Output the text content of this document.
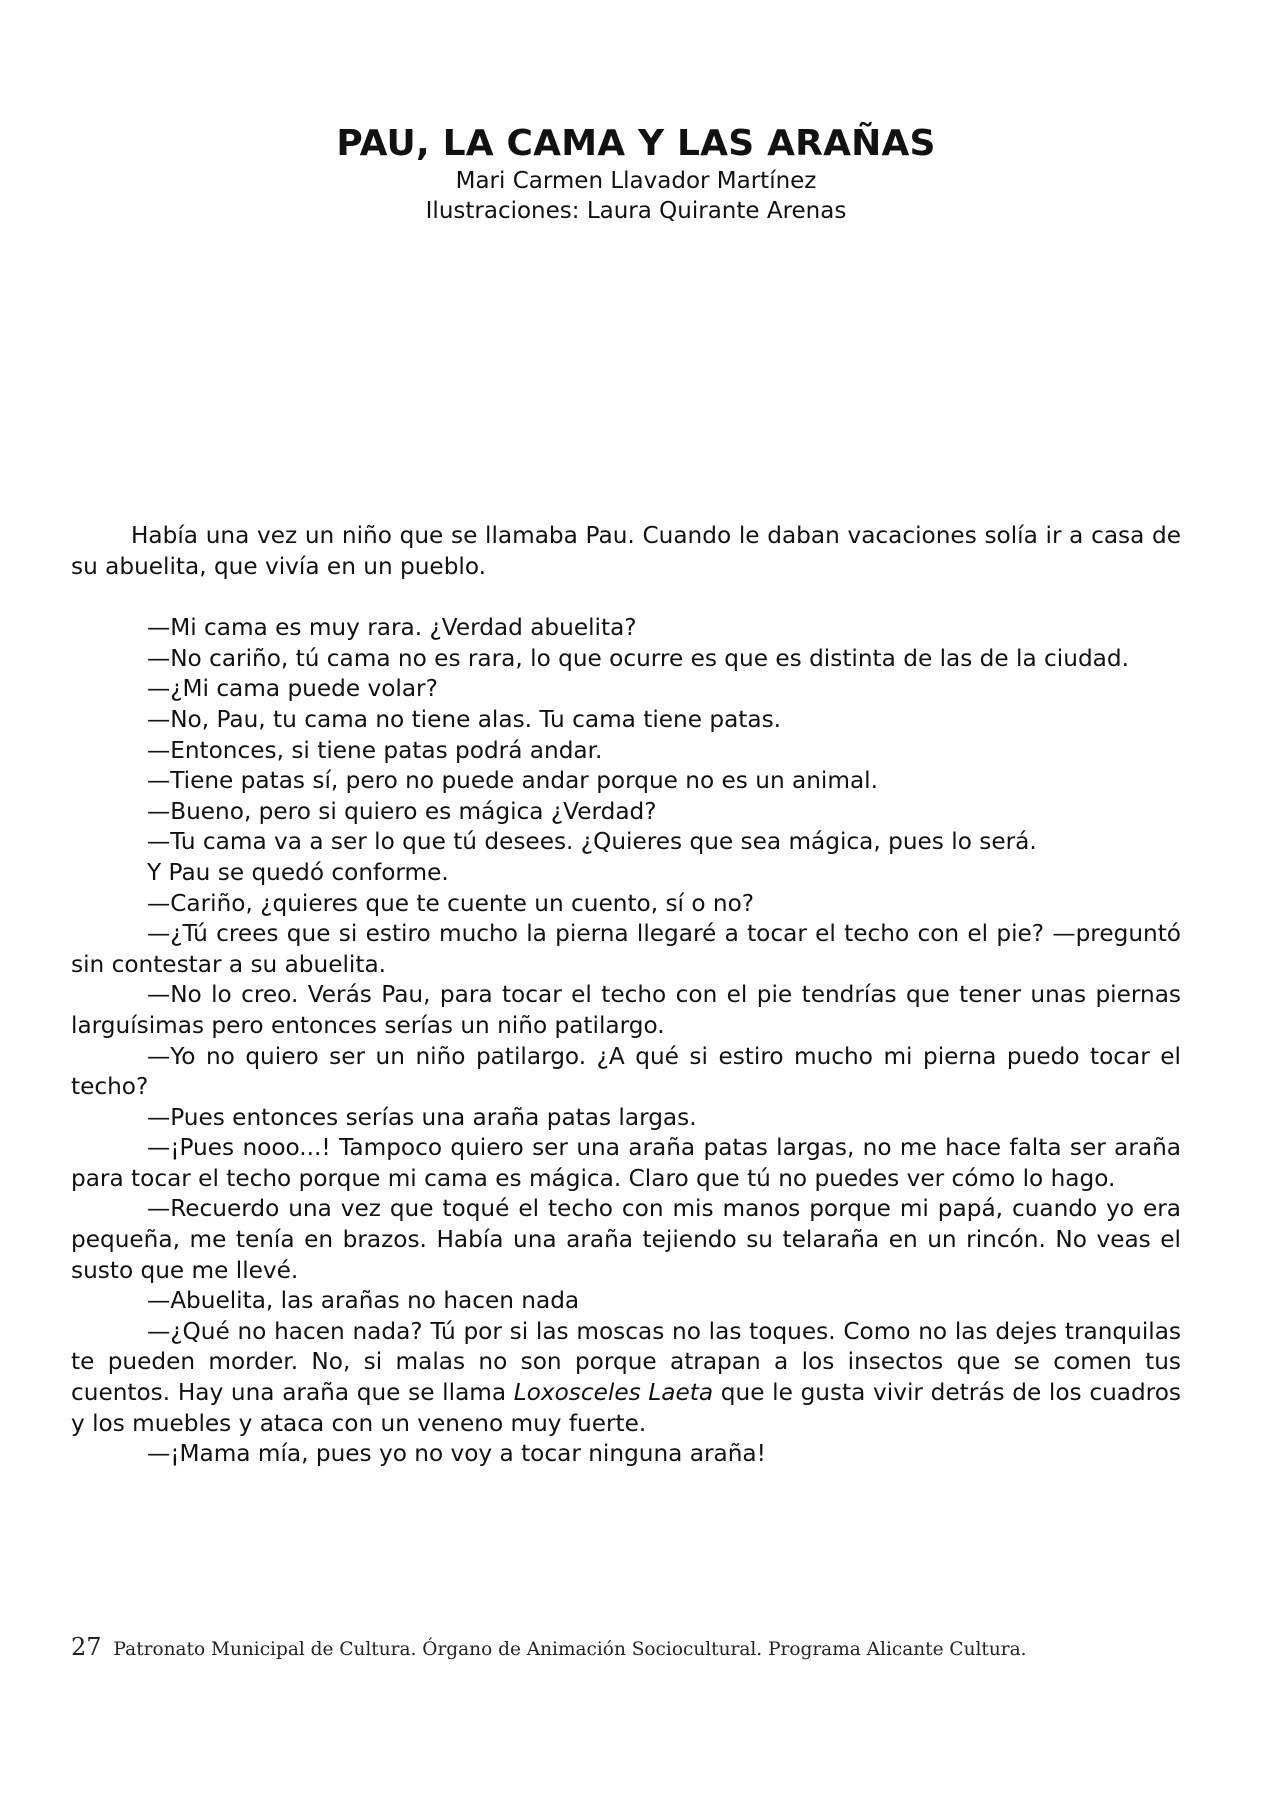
PAU, LA CAMA Y LAS ARAÑAS

Mari Carmen Llavador Martínez

Ilustraciones: Laura Quirante Arenas

Había una vez un niño que se llamaba Pau. Cuando le daban vacaciones solía ir a casa de su abuelita, que vivía en un pueblo.

—Mi cama es muy rara. ¿Verdad abuelita?

—No cariño, tú cama no es rara, lo que ocurre es que es distinta de las de la ciudad.

—¿Mi cama puede volar?

—No, Pau, tu cama no tiene alas. Tu cama tiene patas.

—Entonces, si tiene patas podrá andar.

—Tiene patas sí, pero no puede andar porque no es un animal.

—Bueno, pero si quiero es mágica ¿Verdad?

—Tu cama va a ser lo que tú desees. ¿Quieres que sea mágica, pues lo será.

Y Pau se quedó conforme.

—Cariño, ¿quieres que te cuente un cuento, sí o no?

—¿Tú crees que si estiro mucho la pierna llegaré a tocar el techo con el pie? —preguntó sin contestar a su abuelita.

—No lo creo. Verás Pau, para tocar el techo con el pie tendrías que tener unas piernas larguísimas pero entonces serías un niño patilargo.

—Yo no quiero ser un niño patilargo. ¿A qué si estiro mucho mi pierna puedo tocar el techo?

—Pues entonces serías una araña patas largas.

—¡Pues nooo...! Tampoco quiero ser una araña patas largas, no me hace falta ser araña para tocar el techo porque mi cama es mágica. Claro que tú no puedes ver cómo lo hago.

—Recuerdo una vez que toqué el techo con mis manos porque mi papá, cuando yo era pequeña, me tenía en brazos. Había una araña tejiendo su telaraña en un rincón. No veas el susto que me llevé.

—Abuelita, las arañas no hacen nada

—¿Qué no hacen nada? Tú por si las moscas no las toques. Como no las dejes tranquilas te pueden morder. No, si malas no son porque atrapan a los insectos que se comen tus cuentos. Hay una araña que se llama Loxosceles Laeta que le gusta vivir detrás de los cuadros y los muebles y ataca con un veneno muy fuerte.

—¡Mama mía, pues yo no voy a tocar ninguna araña!

27 Patronato Municipal de Cultura. Órgano de Animación Sociocultural. Programa Alicante Cultura.
